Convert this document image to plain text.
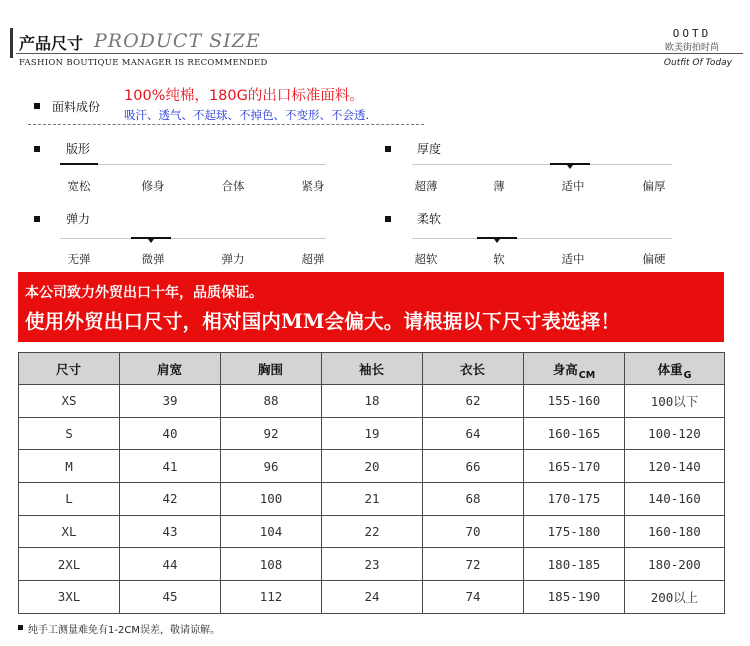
产品尺寸 PRODUCT SIZE
FASHION BOUTIQUE MANAGER IS RECOMMENDED
OOTD
欧美街拍时尚
Outfit Of Today
面料成份
100%纯棉，180G的出口标准面料。
吸汗、透气、不起球、不掉色、不变形、不会透.
版形
宽松	修身	合体	紧身
厚度
超薄	薄	适中	偏厚
弹力
无弹	微弹	弹力	超弹
柔软
超软	软	适中	偏硬
本公司致力外贸出口十年，品质保证。
使用外贸出口尺寸，相对国内MM会偏大。请根据以下尺寸表选择！
尺寸	肩宽	胸围	袖长	衣长	身高$_{CM}$	体重$_G$
XS	39	88	18	62	155-160	100以下
S	40	92	19	64	160-165	100-120
M	41	96	20	66	165-170	120-140
L	42	100	21	68	170-175	140-160
XL	43	104	22	70	175-180	160-180
2XL	44	108	23	72	180-185	180-200
3XL	45	112	24	74	185-190	200以上
纯手工测量难免有1-2CM误差，敬请谅解。
